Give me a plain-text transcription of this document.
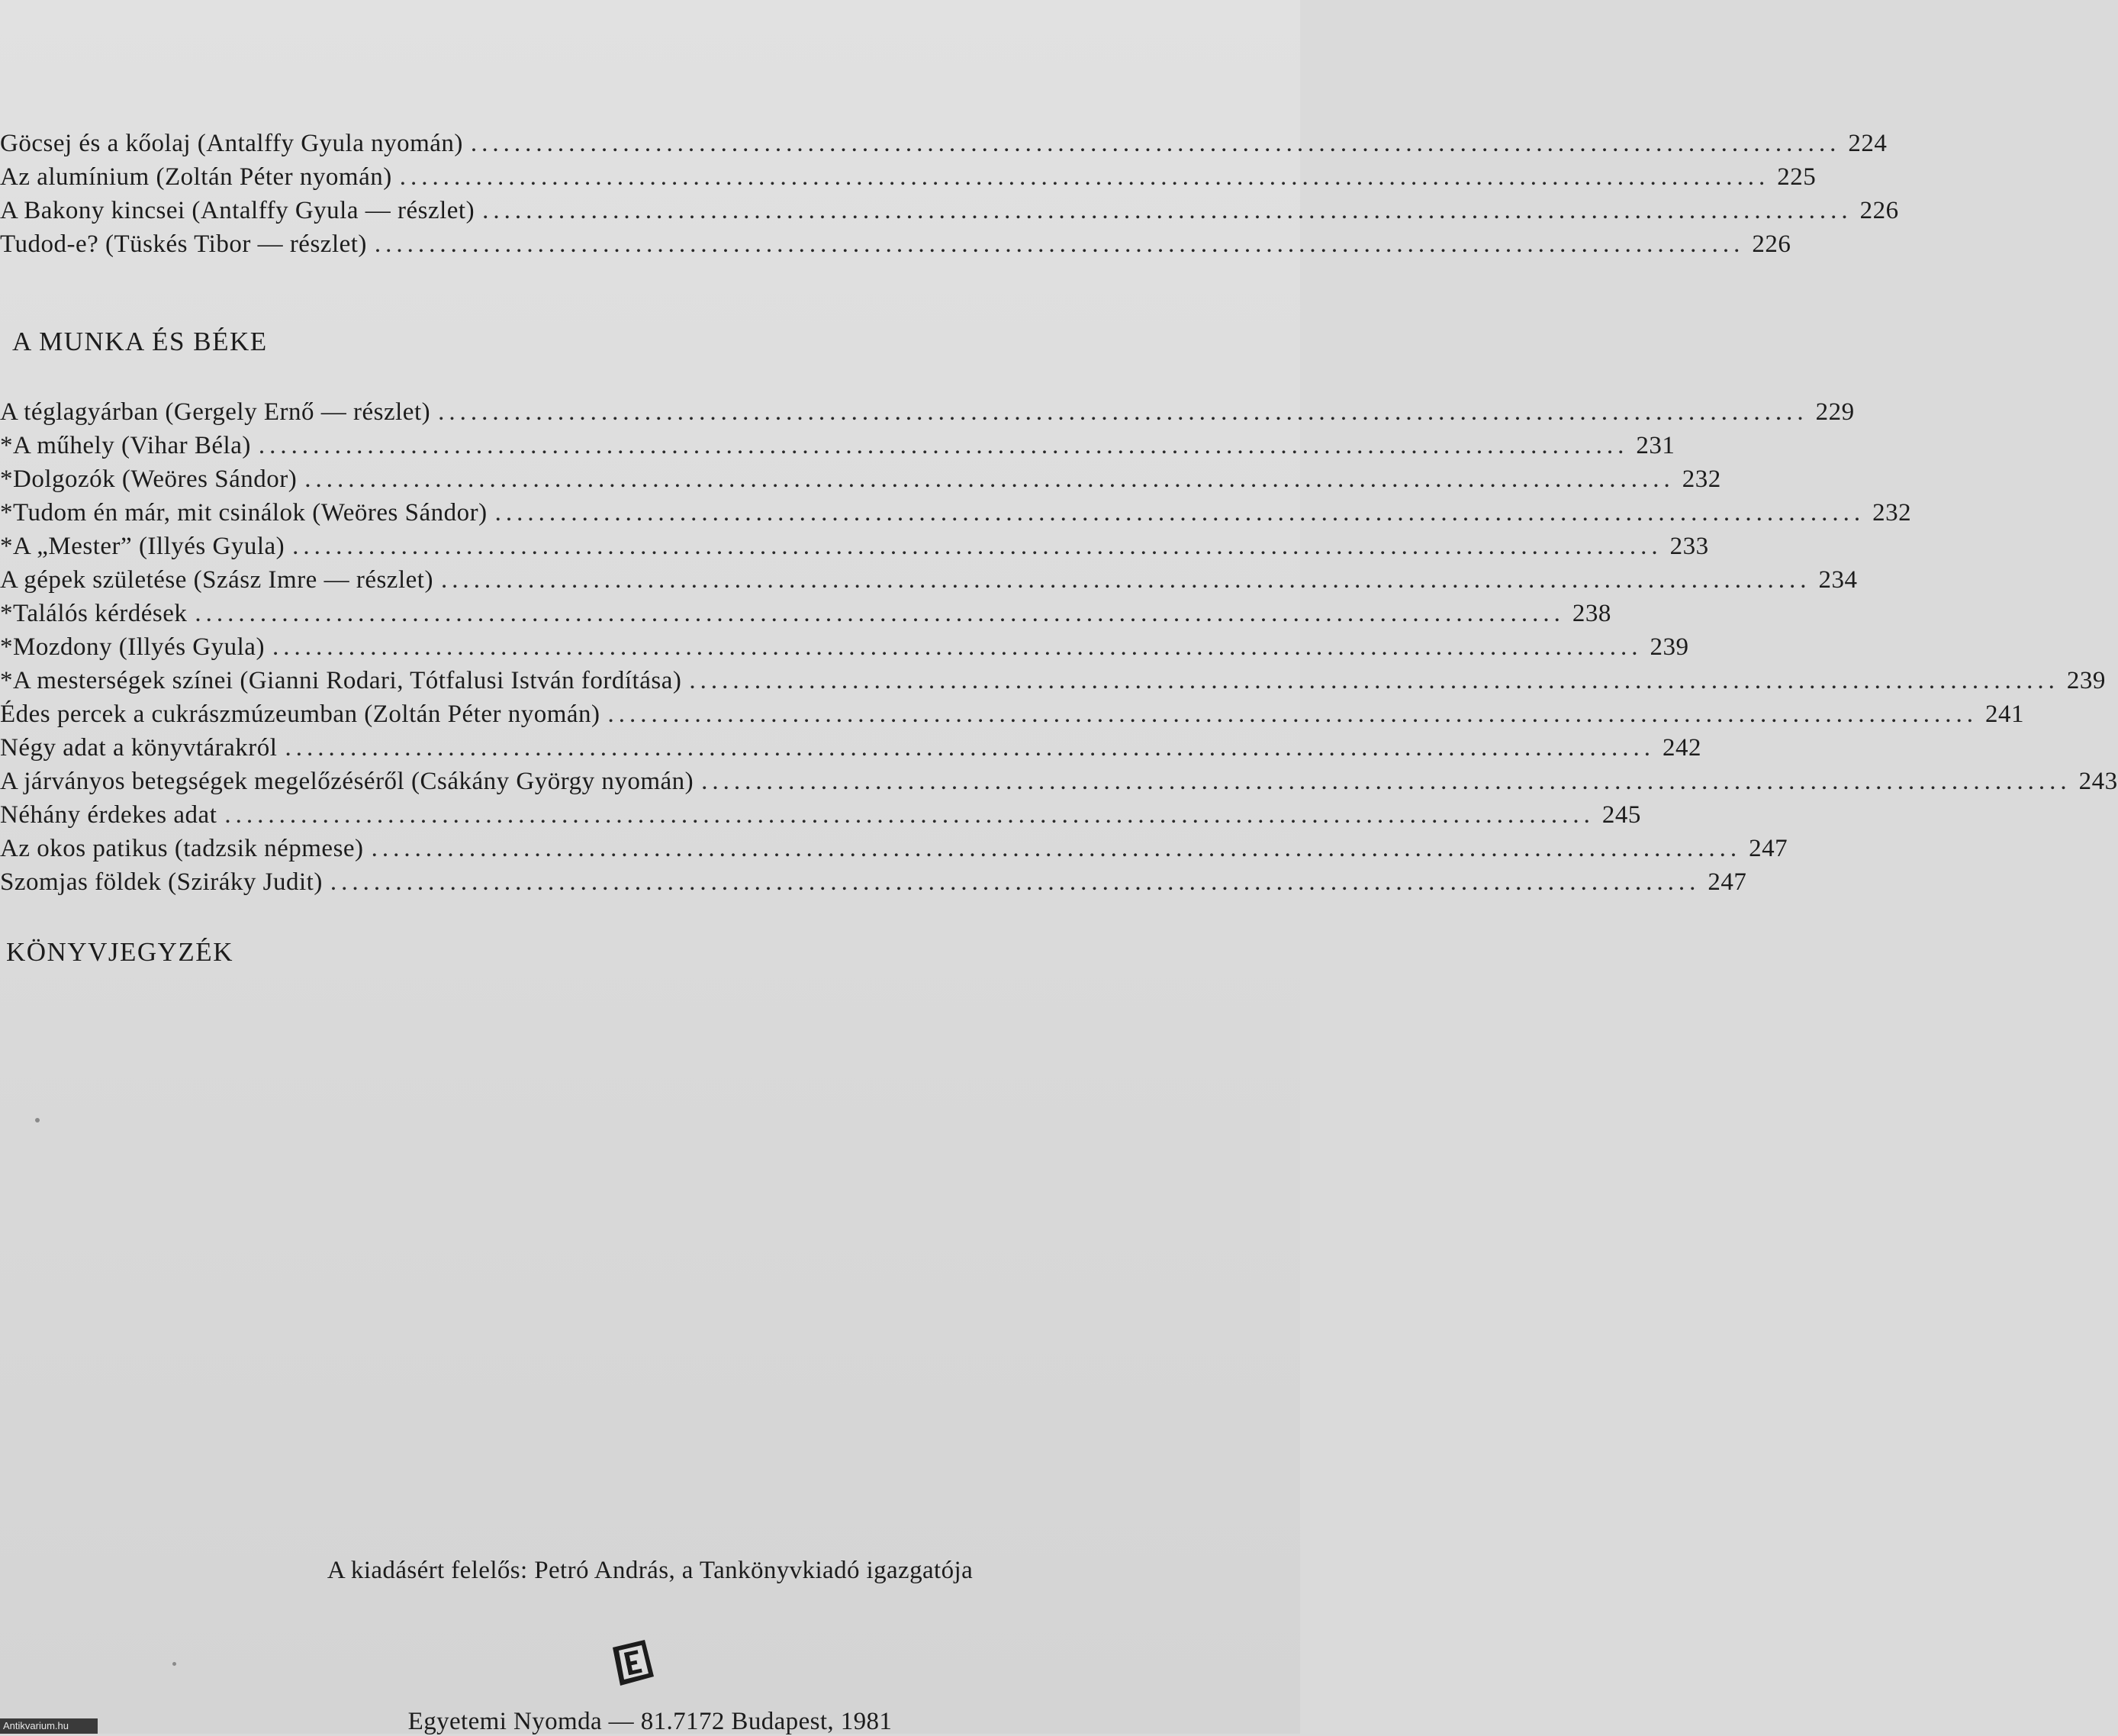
Göcsej és a kőolaj (Antalffy Gyula nyomán) .............................................................................................................................. 224
Az alumínium (Zoltán Péter nyomán) .............................................................................................................................. 225
A Bakony kincsei (Antalffy Gyula — részlet) .............................................................................................................................. 226
Tudod-e? (Tüskés Tibor — részlet) .............................................................................................................................. 226
A MUNKA ÉS BÉKE
A téglagyárban (Gergely Ernő — részlet) .............................................................................................................................. 229
*A műhely (Vihar Béla) .............................................................................................................................. 231
*Dolgozók (Weöres Sándor) .............................................................................................................................. 232
*Tudom én már, mit csinálok (Weöres Sándor) .............................................................................................................................. 232
*A „Mester” (Illyés Gyula) .............................................................................................................................. 233
A gépek születése (Szász Imre — részlet) .............................................................................................................................. 234
*Találós kérdések .............................................................................................................................. 238
*Mozdony (Illyés Gyula) .............................................................................................................................. 239
*A mesterségek színei (Gianni Rodari, Tótfalusi István fordítása) .............................................................................................................................. 239
Édes percek a cukrászmúzeumban (Zoltán Péter nyomán) .............................................................................................................................. 241
Négy adat a könyvtárakról .............................................................................................................................. 242
A járványos betegségek megelőzéséről (Csákány György nyomán) .............................................................................................................................. 243
Néhány érdekes adat .............................................................................................................................. 245
Az okos patikus (tadzsik népmese) .............................................................................................................................. 247
Szomjas földek (Sziráky Judit) .............................................................................................................................. 247
KÖNYVJEGYZÉK
A kiadásért felelős: Petró András, a Tankönyvkiadó igazgatója
Egyetemi Nyomda — 81.7172 Budapest, 1981
Antikvarium.hu
